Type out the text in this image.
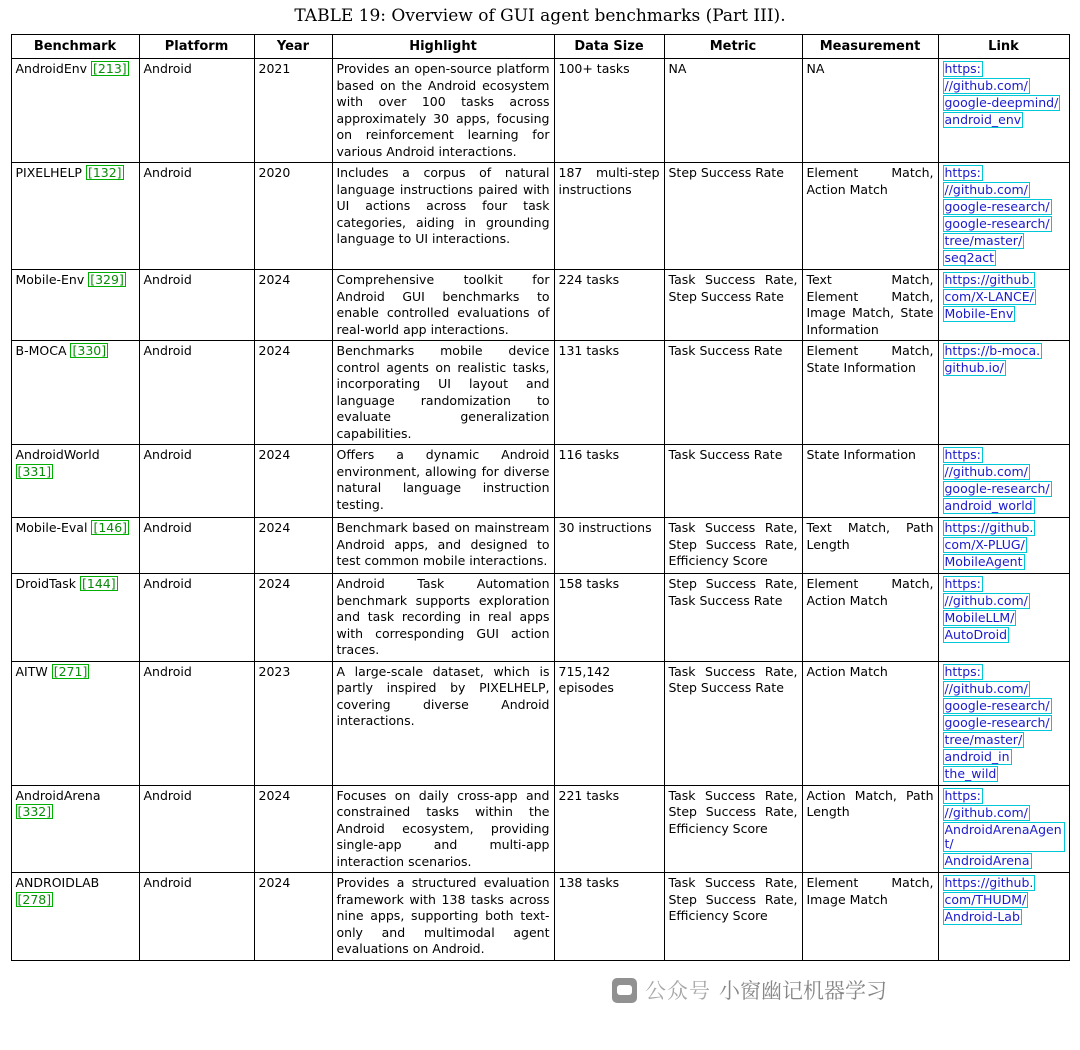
TABLE 19: Overview of GUI agent benchmarks (Part III).
Benchmark	Platform	Year	Highlight	Data Size	Metric	Measurement	Link
AndroidEnv [213]	Android	2021	Provides an open-source platform based on the Android ecosystem with over 100 tasks across approximately 30 apps, focusing on reinforcement learning for various Android interactions.	100+ tasks	NA	NA	https:
//github.com/
google-deepmind/
android_env

PIXELHELP [132]	Android	2020	Includes a corpus of natural language instructions paired with UI actions across four task categories, aiding in grounding language to UI interactions.	187 multi-step instructions	Step Success Rate	Element Match, Action Match	
https:
//github.com/
google-research/
google-research/
tree/master/
seq2act

Mobile-Env [329]	Android	2024	Comprehensive toolkit for Android GUI benchmarks to enable controlled evaluations of real-world app interactions.	224 tasks	Task Success Rate, Step Success Rate	Text Match, Element Match, Image Match, State Information	https://github.
com/X-LANCE/
Mobile-Env

B-MOCA [330]	Android	2024	Benchmarks mobile device control agents on realistic tasks, incorporating UI layout and language randomization to evaluate generalization capabilities.	131 tasks	Task Success Rate	Element Match, State Information	https://b-moca.
github.io/

AndroidWorld [331]	Android	2024	Offers a dynamic Android environment, allowing for diverse natural language instruction testing.	116 tasks	Task Success Rate	State Information	https:
//github.com/
google-research/
android_world

Mobile-Eval [146]	Android	2024	Benchmark based on mainstream Android apps, and designed to test common mobile interactions.	30 instructions	Task Success Rate, Step Success Rate, Efficiency Score	Text Match, Path Length	https://github.
com/X-PLUG/
MobileAgent

DroidTask [144]	Android	2024	Android Task Automation benchmark supports exploration and task recording in real apps with corresponding GUI action traces.	158 tasks	Step Success Rate, Task Success Rate	Element Match, Action Match	https:
//github.com/
MobileLLM/
AutoDroid

AITW [271]	Android	2023	A large-scale dataset, which is partly inspired by PIXELHELP, covering diverse Android interactions.	715,142 episodes	Task Success Rate, Step Success Rate	Action Match	https:
//github.com/
google-research/
google-research/
tree/master/
android_in
the_wild

AndroidArena [332]	Android	2024	Focuses on daily cross-app and constrained tasks within the Android ecosystem, providing single-app and multi-app interaction scenarios.	221 tasks	Task Success Rate, Step Success Rate, Efficiency Score	Action Match, Path Length	https:
//github.com/
AndroidArenaAgent/
AndroidArena

ANDROIDLAB [278]	Android	2024	Provides a structured evaluation framework with 138 tasks across nine apps, supporting both text-only and multimodal agent evaluations on Android.	138 tasks	Task Success Rate, Step Success Rate, Efficiency Score	Element Match, Image Match	https://github.
com/THUDM/
Android-Lab

公众号 小窗幽记机器学习
